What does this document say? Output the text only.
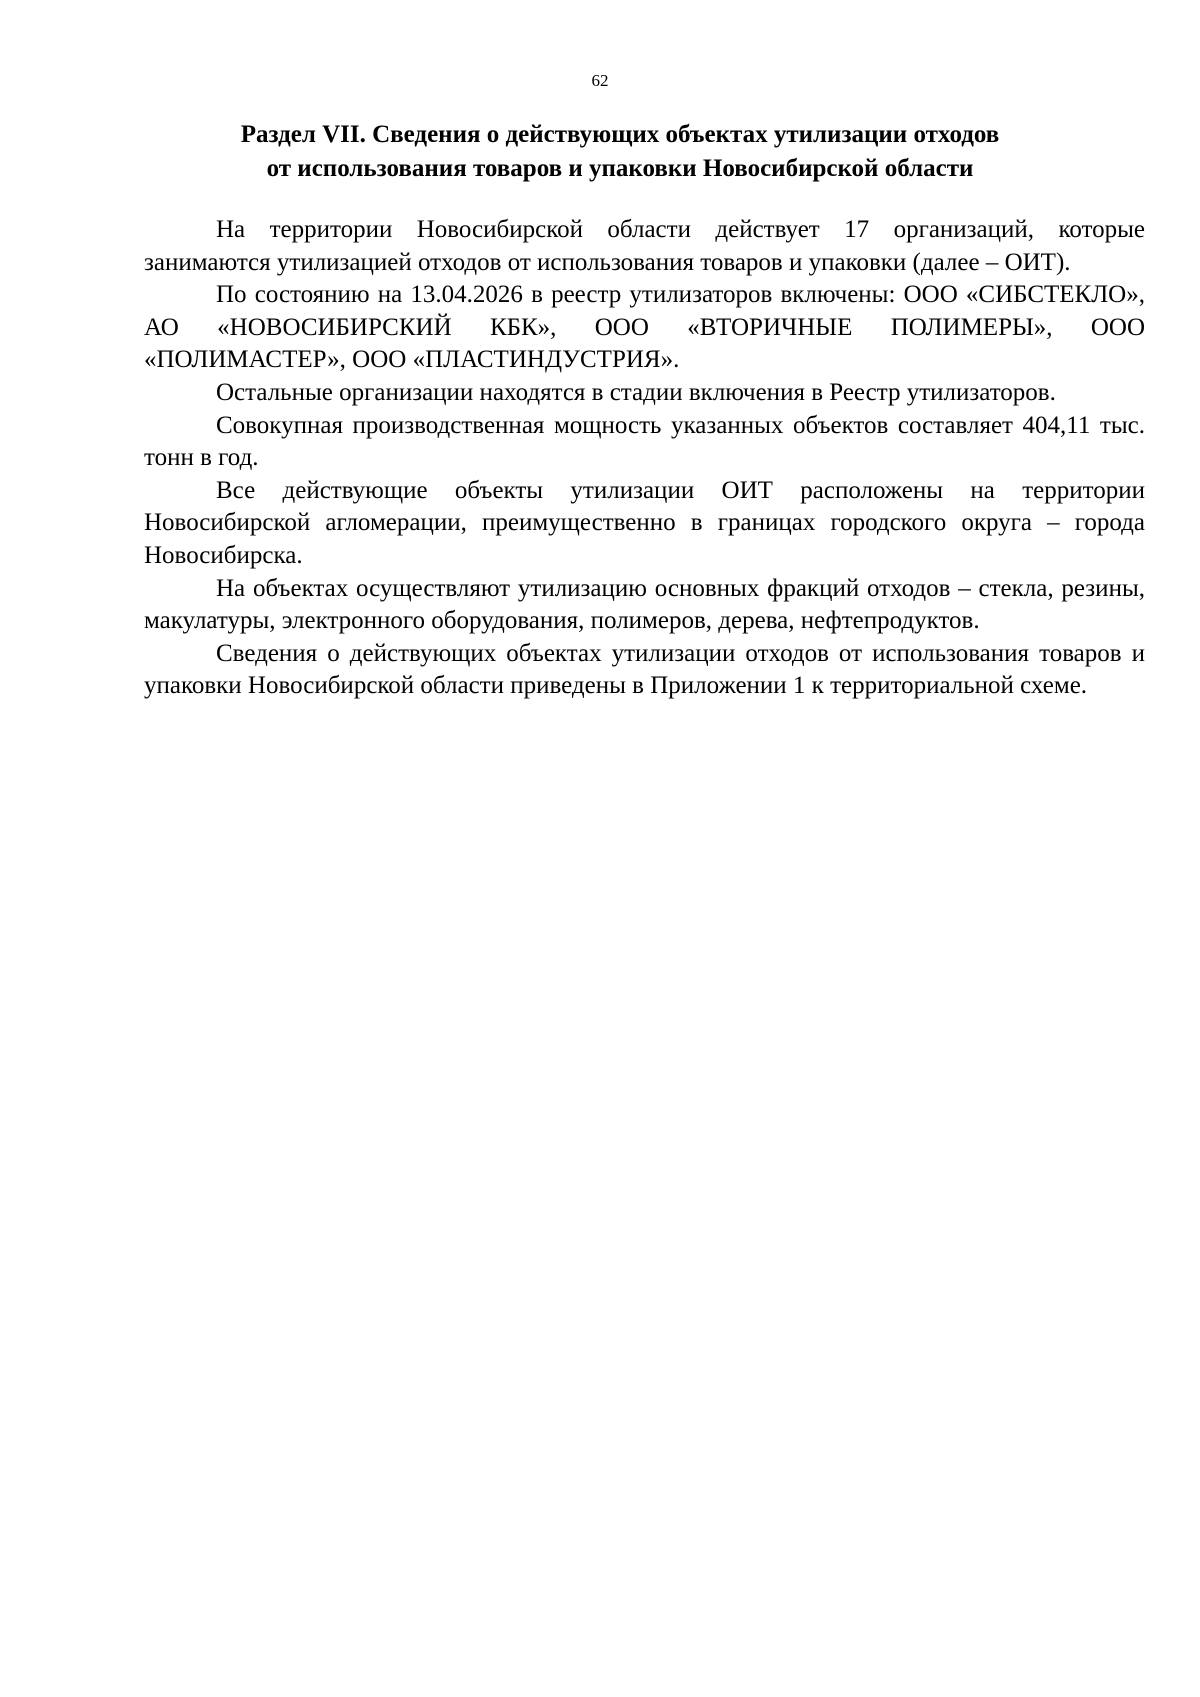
62
Раздел VII. Сведения о действующих объектах утилизации отходов
от использования товаров и упаковки Новосибирской области

На территории Новосибирской области действует 17 организаций, которые занимаются утилизацией отходов от использования товаров и упаковки (далее – ОИТ).

По состоянию на 13.04.2026 в реестр утилизаторов включены: ООО «СИБСТЕКЛО», АО «НОВОСИБИРСКИЙ КБК», ООО «ВТОРИЧНЫЕ ПОЛИМЕРЫ», ООО «ПОЛИМАСТЕР», ООО «ПЛАСТИНДУСТРИЯ».

Остальные организации находятся в стадии включения в Реестр утилизаторов.

Совокупная производственная мощность указанных объектов составляет 404,11 тыс. тонн в год.

Все действующие объекты утилизации ОИТ расположены на территории Новосибирской агломерации, преимущественно в границах городского округа – города Новосибирска.

На объектах осуществляют утилизацию основных фракций отходов – стекла, резины, макулатуры, электронного оборудования, полимеров, дерева, нефтепродуктов.

Сведения о действующих объектах утилизации отходов от использования товаров и упаковки Новосибирской области приведены в Приложении 1 к территориальной схеме.
